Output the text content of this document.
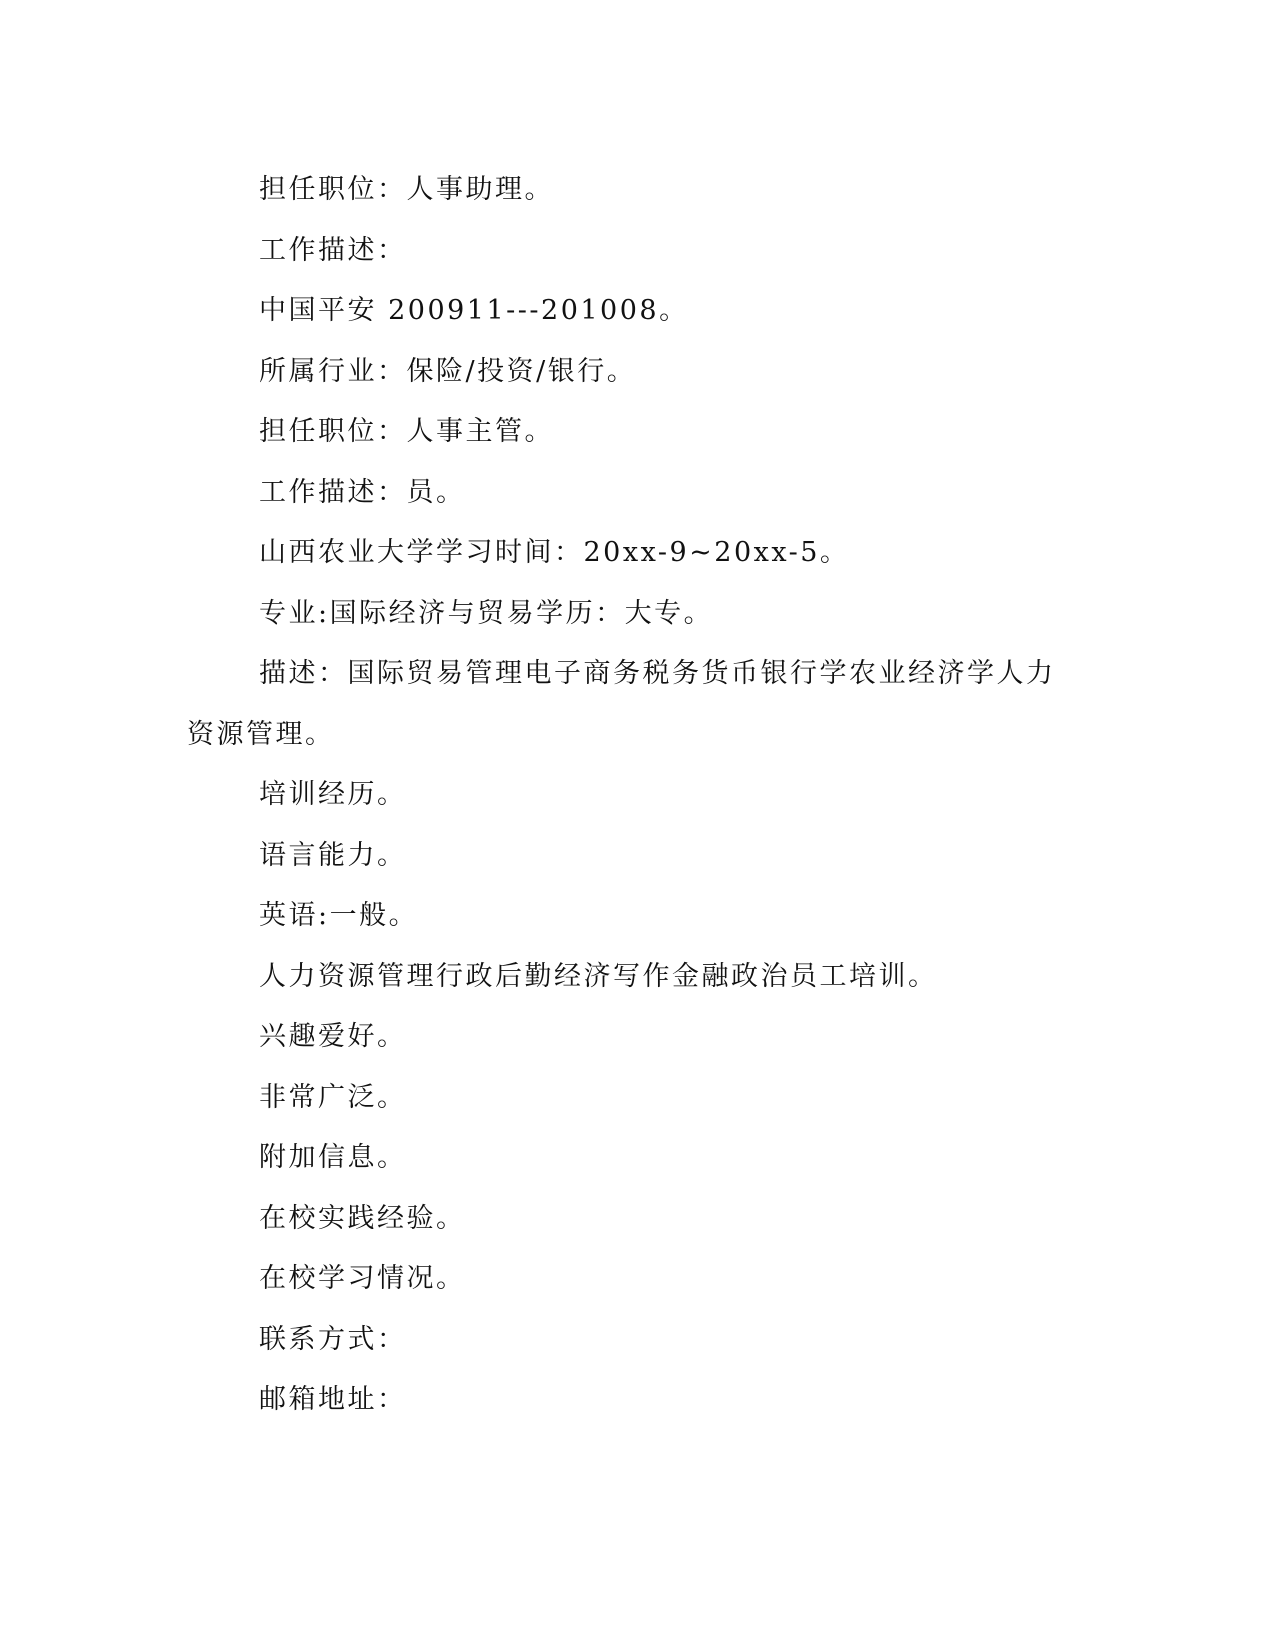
担任职位：人事助理。

工作描述：

中国平安 200911---201008。

所属行业：保险/投资/银行。

担任职位：人事主管。

工作描述：员。

山西农业大学学习时间：20xx-9~20xx-5。

专业:国际经济与贸易学历：大专。

描述：国际贸易管理电子商务税务货币银行学农业经济学人力资源管理。

培训经历。

语言能力。

英语:一般。

人力资源管理行政后勤经济写作金融政治员工培训。

兴趣爱好。

非常广泛。

附加信息。

在校实践经验。

在校学习情况。

联系方式：

邮箱地址：
